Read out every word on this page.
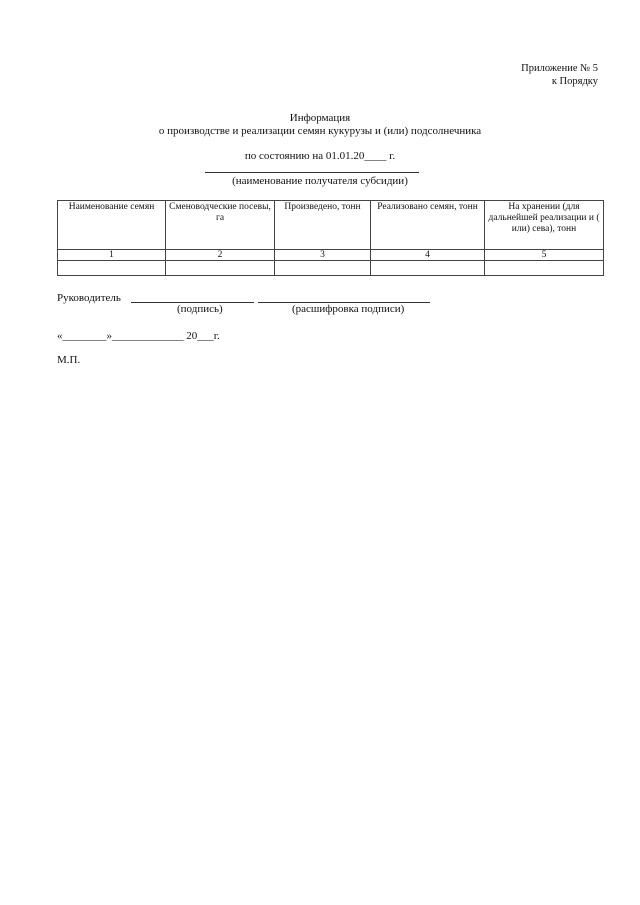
Приложение № 5
к Порядку
Информация
о производстве и реализации семян кукурузы и (или) подсолнечника
по состоянию на 01.01.20____ г.
(наименование получателя субсидии)
Наименование семян	Сменоводческие посевы, га	Произведено, тонн	Реализовано семян, тонн	На хранении (для дальнейшей реализации и ( или) сева), тонн
1	2	3	4	5

Руководитель
(подпись)	(расшифровка подписи)
«________»_____________ 20___г.
М.П.
